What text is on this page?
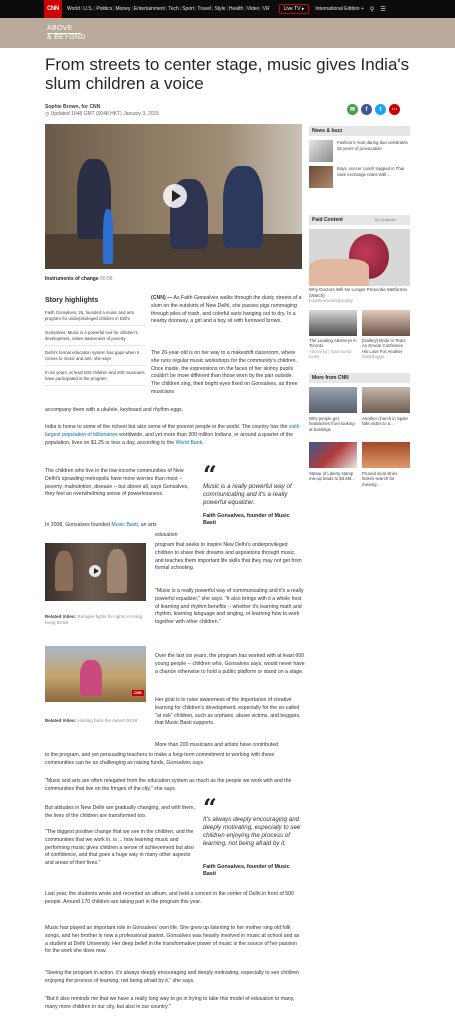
CNN	World | U.S. | Politics | Money | Entertainment | Tech | Sport | Travel | Style | Health | Video | VR	Live TV ▸	International Edition + ⚲ ☰
ABOVE
& BEYOND
From streets to center stage, music gives India's slum children a voice
Sophie Brown, for CNN
◷ Updated 1648 GMT (0048 HKT) January 3, 2015
✉	f	t	⋯
Instruments of change 00:58
Story highlights

Faith Gonsalves, 26, founded a music and arts program for underprivileged children in Delhi

Gonsalves: Music is a powerful tool for children's development, raises awareness of poverty

Delhi's formal education system has gaps when it comes to music and arts, she says

In six years, at least 600 children and 200 musicians have participated in the program

(CNN) — As Faith Gonsalves walks through the dusty streets of a slum on the outskirts of New Delhi, she passes pigs rummaging through piles of trash, and colorful saris hanging out to dry. In a nearby doorway, a girl and a boy sit with furrowed brows.
The 26-year-old is on her way to a makeshift classroom, where she runs regular music workshops for the community's children. Once inside, the expressions on the faces of her skinny pupils couldn't be more different than those worn by the pair outside. The children sing, their bright eyes fixed on Gonsalves, as three musicians
accompany them with a ukulele, keyboard and rhythm eggs.
India is home to some of the richest but also some of the poorest people in the world. The country has the sixth largest population of billionaires worldwide, and yet more than 300 million Indians, or around a quarter of the population, lives on $1.25 or less a day, according to the World Bank.
The children who live in the low-income communities of New Delhi's sprawling metropolis have more worries than most -- poverty, malnutrition, disease -- but above all, says Gonsalves, they feel an overwhelming sense of powerlessness.
In 2008, Gonsalves founded Music Basti, an arts
education
program that seeks to inspire New Delhi's underprivileged children to share their dreams and aspirations through music, and teaches them important life skills that they may not get from formal schooling.
"Music is a really powerful way of communicating and it's a really powerful equalizer," she says. "It also brings with it a whole host of learning and rhythm benefits -- whether it's learning math and rhythm, learning language and singing, or learning how to work together with other children."
Over the last six years, the program has worked with at least 600 young people -- children who, Gonsalves says, would never have a chance otherwise to hold a public platform or stand on a stage.
Her goal is to raise awareness of the importance of creative learning for children's development, especially for the so-called "at risk" children, such as orphans, abuse victims, and beggars, that Music Basti supports.
More than 200 musicians and artists have contributed
to the program, and yet persuading teachers to make a long-term commitment to working with these communities can be as challenging as raising funds, Gonsalves says.
"Music and arts are often relegated from the education system as much as the people we work with and the communities that live on the fringes of the city," she says.
But attitudes in New Delhi are gradually changing, and with them, the lives of the children are transformed too.
"The biggest positive change that we see in the children, and the communities that we work in, is ... how learning music and performing music gives children a sense of achievement but also of confidence, and that goes a huge way in many other aspects and areas of their lives."
Last year, the students wrote and recorded an album, and held a concert in the center of Delhi in front of 500 people. Around 170 children are taking part in the program this year.
Music has played an important role in Gonsalves' own life. She grew up listening to her mother sing old folk songs, and her brother is now a professional pianist. Gonsalves was heavily involved in music at school and as a student at Delhi University. Her deep belief in the transformative power of music is the source of her passion for the work she does now.
"Seeing the program in action, it's always deeply encouraging and deeply motivating, especially to see children enjoying the process of learning, not being afraid by it," she says.
"But it also reminds me that we have a really long way to go in trying to take this model of education to many, many more children in our city, but also in our country."
“
Music is a really powerful way of communicating and it's a really powerful equalizer.
Faith Gonsalves, founder of Music Basti
“
It's always deeply encouraging and deeply motivating, especially to see children enjoying the process of learning, not being afraid by it.
Faith Gonsalves, founder of Music Basti
Related Video: Refugee fights for rights in Hong Kong 00:58
CNN
Related Video: Holding back the desert 00:58
News & buzz
Fashion's Host daring duo celebrates 25 years of provocation
Boys, soccer coach trapped in Thai cave exchange notes with...
Paid Content	by Outbrain
Why Doctors Will No Longer Prescribe Metformin (Watch)
healthnewsdaily.today
The Leading Attorneys in Toronto
Attorneys | Sponsored Links
[Gallery] Bride In Tears As Groom Confesses His Love For Another
DailyDoggo
More from CNN
Why people get headaches from looking at buildings
Another church in Spain falls victim to a...
Statue of Liberty stamp mix-up leads to $3.5M...
Pruned local stries Dokes search for missing...
